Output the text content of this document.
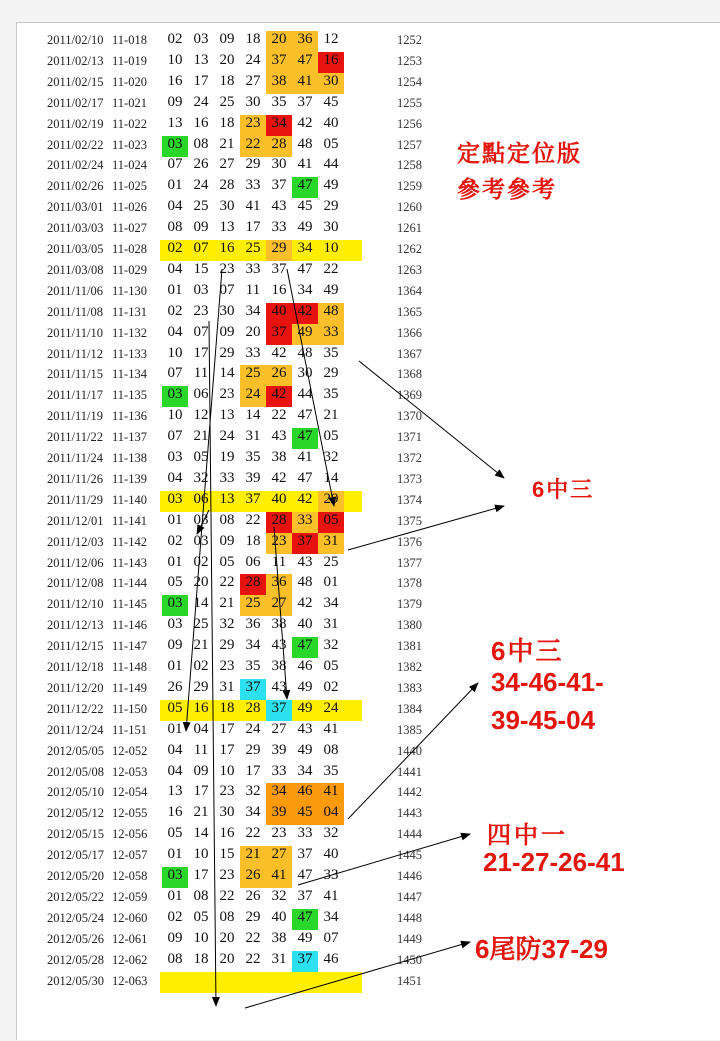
2011/02/10 11-018	02 03 09 18 20 36 12	1252
2011/02/13 11-019	10 13 20 24 37 47 16	1253
2011/02/15 11-020	16 17 18 27 38 41 30	1254
2011/02/17 11-021	09 24 25 30 35 37 45	1255
2011/02/19 11-022	13 16 18 23 34 42 40	1256
2011/02/22 11-023	03 08 21 22 28 48 05	1257
2011/02/24 11-024	07 26 27 29 30 41 44	1258
2011/02/26 11-025	01 24 28 33 37 47 49	1259
2011/03/01 11-026	04 25 30 41 43 45 29	1260
2011/03/03 11-027	08 09 13 17 33 49 30	1261
2011/03/05 11-028	02 07 16 25 29 34 10	1262
2011/03/08 11-029	04 15 23 33 37 47 22	1263
2011/11/06 11-130	01 03 07 11 16 34 49	1364
2011/11/08 11-131	02 23 30 34 40 42 48	1365
2011/11/10 11-132	04 07 09 20 37 49 33	1366
2011/11/12 11-133	10 17 29 33 42 48 35	1367
2011/11/15 11-134	07 11 14 25 26 30 29	1368
2011/11/17 11-135	03 06 23 24 42 44 35	1369
2011/11/19 11-136	10 12 13 14 22 47 21	1370
2011/11/22 11-137	07 21 24 31 43 47 05	1371
2011/11/24 11-138	03 05 19 35 38 41 32	1372
2011/11/26 11-139	04 32 33 39 42 47 14	1373
2011/11/29 11-140	03 06 13 37 40 42 29	1374
2011/12/01 11-141	01 03 08 22 28 33 05	1375
2011/12/03 11-142	02 03 09 18 23 37 31	1376
2011/12/06 11-143	01 02 05 06 11 43 25	1377
2011/12/08 11-144	05 20 22 28 36 48 01	1378
2011/12/10 11-145	03 14 21 25 27 42 34	1379
2011/12/13 11-146	03 25 32 36 38 40 31	1380
2011/12/15 11-147	09 21 29 34 43 47 32	1381
2011/12/18 11-148	01 02 23 35 38 46 05	1382
2011/12/20 11-149	26 29 31 37 43 49 02	1383
2011/12/22 11-150	05 16 18 28 37 49 24	1384
2011/12/24 11-151	01 04 17 24 27 43 41	1385
2012/05/05 12-052	04 11 17 29 39 49 08	1440
2012/05/08 12-053	04 09 10 17 33 34 35	1441
2012/05/10 12-054	13 17 23 32 34 46 41	1442
2012/05/12 12-055	16 21 30 34 39 45 04	1443
2012/05/15 12-056	05 14 16 22 23 33 32	1444
2012/05/17 12-057	01 10 15 21 27 37 40	1445
2012/05/20 12-058	03 17 23 26 41 47 33	1446
2012/05/22 12-059	01 08 22 26 32 37 41	1447
2012/05/24 12-060	02 05 08 29 40 47 34	1448
2012/05/26 12-061	09 10 20 22 38 49 07	1449
2012/05/28 12-062	08 18 20 22 31 37 46	1450
2012/05/30 12-063	1451
定點定位版
參考參考
6中三
6中三
34-46-41-
39-45-04
四中一
21-27-26-41
6尾防37-29
